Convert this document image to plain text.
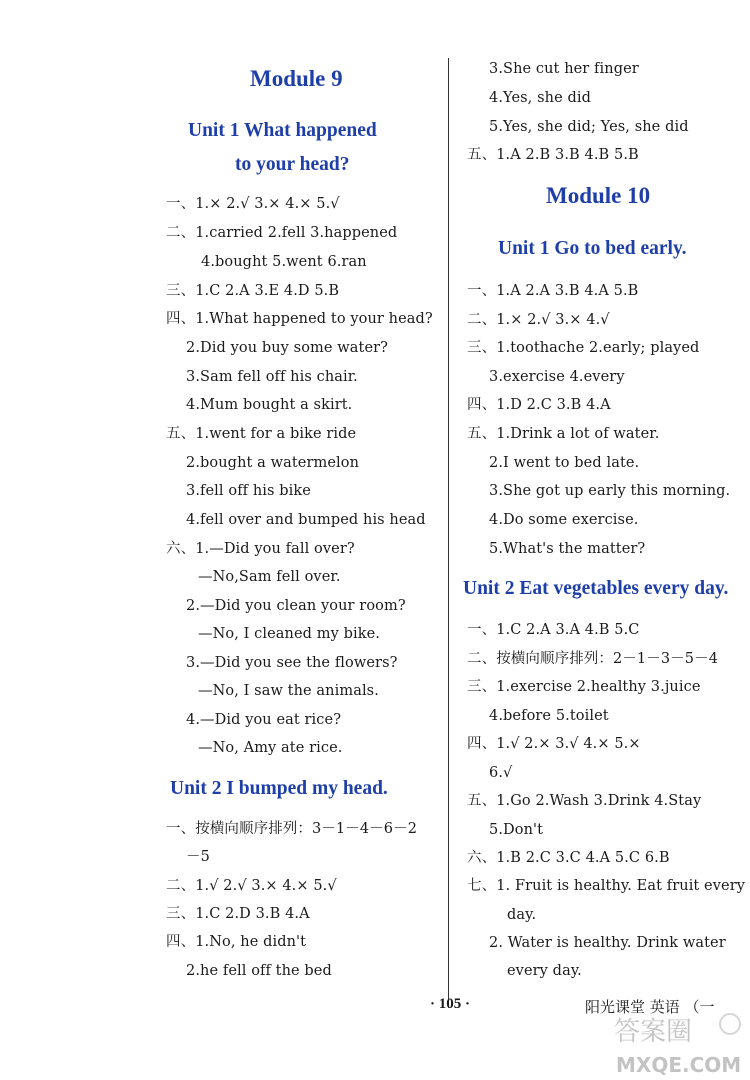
Module 9
Unit 1 What happened
to your head?
一、1.× 2.√ 3.× 4.× 5.√
二、1.carried 2.fell 3.happened
4.bought 5.went 6.ran
三、1.C 2.A 3.E 4.D 5.B
四、1.What happened to your head?
2.Did you buy some water?
3.Sam fell off his chair.
4.Mum bought a skirt.
五、1.went for a bike ride
2.bought a watermelon
3.fell off his bike
4.fell over and bumped his head
六、1.—Did you fall over?
—No,Sam fell over.
2.—Did you clean your room?
—No, I cleaned my bike.
3.—Did you see the flowers?
—No, I saw the animals.
4.—Did you eat rice?
—No, Amy ate rice.
Unit 2 I bumped my head.
一、按横向顺序排列：3－1－4－6－2
－5
二、1.√ 2.√ 3.× 4.× 5.√
三、1.C 2.D 3.B 4.A
四、1.No, he didn't
2.he fell off the bed
3.She cut her finger
4.Yes, she did
5.Yes, she did; Yes, she did
五、1.A 2.B 3.B 4.B 5.B
Module 10
Unit 1 Go to bed early.
一、1.A 2.A 3.B 4.A 5.B
二、1.× 2.√ 3.× 4.√
三、1.toothache 2.early; played
3.exercise 4.every
四、1.D 2.C 3.B 4.A
五、1.Drink a lot of water.
2.I went to bed late.
3.She got up early this morning.
4.Do some exercise.
5.What's the matter?
Unit 2 Eat vegetables every day.
一、1.C 2.A 3.A 4.B 5.C
二、按横向顺序排列：2－1－3－5－4
三、1.exercise 2.healthy 3.juice
4.before 5.toilet
四、1.√ 2.× 3.√ 4.× 5.×
6.√
五、1.Go 2.Wash 3.Drink 4.Stay
5.Don't
六、1.B 2.C 3.C 4.A 5.C 6.B
七、1. Fruit is healthy. Eat fruit every
day.
2. Water is healthy. Drink water
every day.
· 105 ·	阳光课堂 英语 （一
答案圈
MXQE.COM
